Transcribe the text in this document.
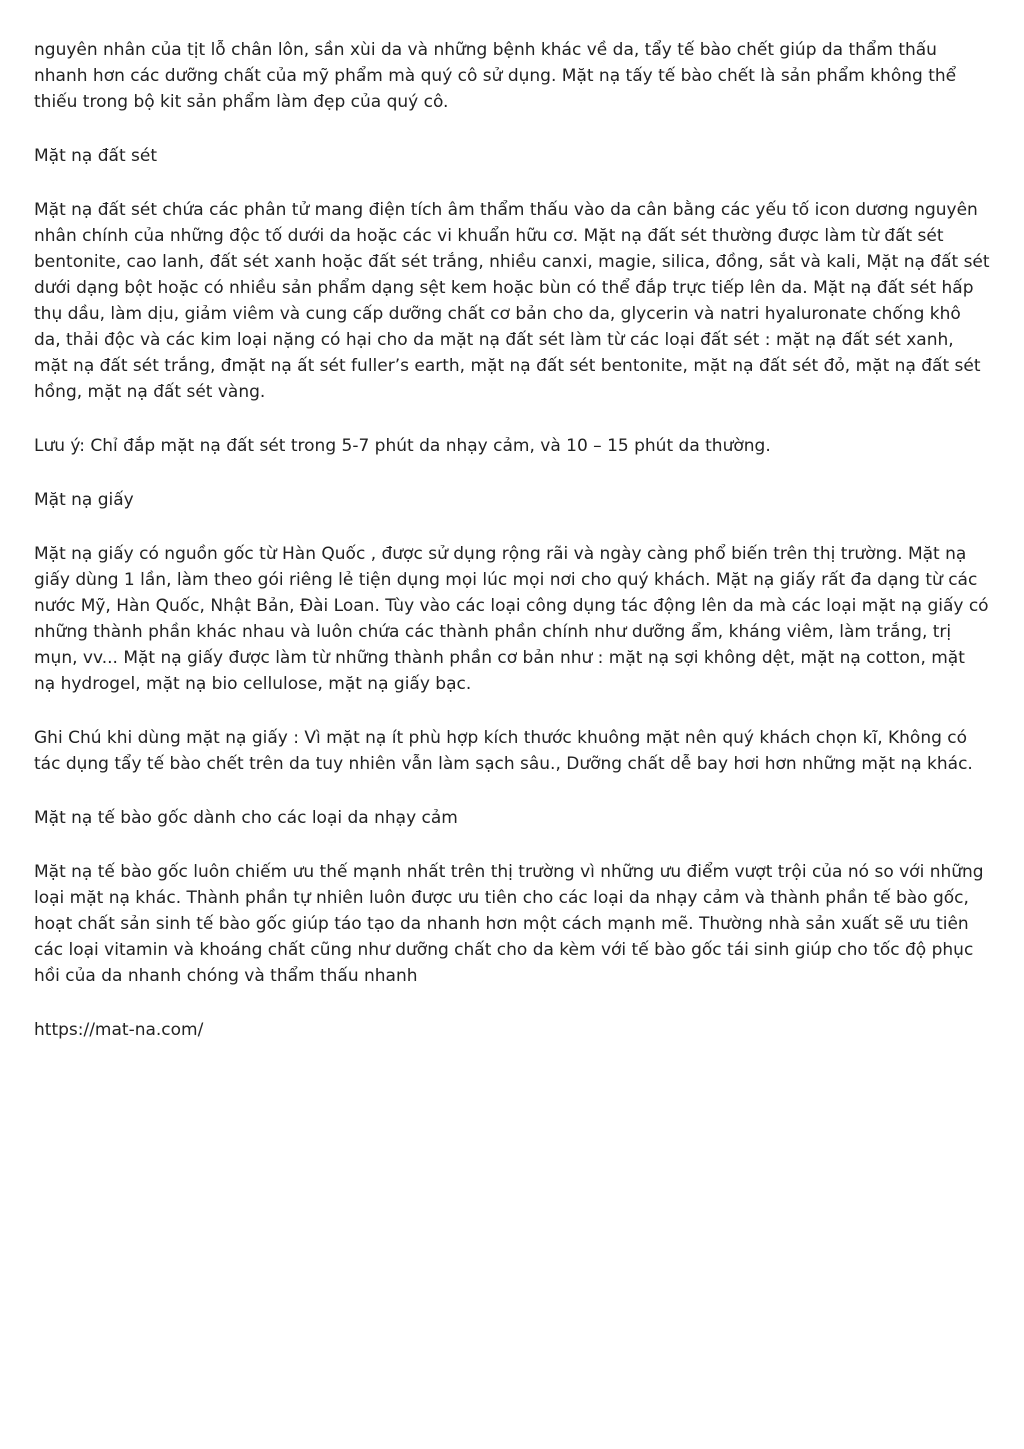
nguyên nhân của tịt lỗ chân lôn, sần xùi da và những bệnh khác về da, tẩy tế bào chết giúp da thẩm thấu nhanh hơn các dưỡng chất của mỹ phẩm mà quý cô sử dụng. Mặt nạ tấy tế bào chết là sản phẩm không thể thiếu trong bộ kit sản phẩm làm đẹp của quý cô.

Mặt nạ đất sét

Mặt nạ đất sét chứa các phân tử mang điện tích âm thẩm thấu vào da cân bằng các yếu tố icon dương nguyên nhân chính của những độc tố dưới da hoặc các vi khuẩn hữu cơ. Mặt nạ đất sét thường được làm từ đất sét bentonite, cao lanh, đất sét xanh hoặc đất sét trắng, nhiều canxi, magie, silica, đồng, sắt và kali, Mặt nạ đất sét dưới dạng bột hoặc có nhiều sản phẩm dạng sệt kem hoặc bùn có thể đắp trực tiếp lên da. Mặt nạ đất sét hấp thụ dầu, làm dịu, giảm viêm và cung cấp dưỡng chất cơ bản cho da, glycerin và natri hyaluronate chống khô da, thải độc và các kim loại nặng có hại cho da mặt nạ đất sét làm từ các loại đất sét : mặt nạ đất sét xanh, mặt nạ đất sét trắng, đmặt nạ ất sét fuller’s earth, mặt nạ đất sét bentonite, mặt nạ đất sét đỏ, mặt nạ đất sét hồng, mặt nạ đất sét vàng.

Lưu ý: Chỉ đắp mặt nạ đất sét trong 5-7 phút da nhạy cảm, và 10 – 15 phút da thường.

Mặt nạ giấy

Mặt nạ giấy có nguồn gốc từ Hàn Quốc , được sử dụng rộng rãi và ngày càng phổ biến trên thị trường. Mặt nạ giấy dùng 1 lần, làm theo gói riêng lẻ tiện dụng mọi lúc mọi nơi cho quý khách. Mặt nạ giấy rất đa dạng từ các nước Mỹ, Hàn Quốc, Nhật Bản, Đài Loan. Tùy vào các loại công dụng tác động lên da mà các loại mặt nạ giấy có những thành phần khác nhau và luôn chứa các thành phần chính như dưỡng ẩm, kháng viêm, làm trắng, trị mụn, vv... Mặt nạ giấy được làm từ những thành phần cơ bản như : mặt nạ sợi không dệt, mặt nạ cotton, mặt nạ hydrogel, mặt nạ bio cellulose, mặt nạ giấy bạc.

Ghi Chú khi dùng mặt nạ giấy : Vì mặt nạ ít phù hợp kích thước khuông mặt nên quý khách chọn kĩ, Không có tác dụng tẩy tế bào chết trên da tuy nhiên vẫn làm sạch sâu., Dưỡng chất dễ bay hơi hơn những mặt nạ khác.

Mặt nạ tế bào gốc dành cho các loại da nhạy cảm

Mặt nạ tế bào gốc luôn chiếm ưu thế mạnh nhất trên thị trường vì những ưu điểm vượt trội của nó so với những loại mặt nạ khác. Thành phần tự nhiên luôn được ưu tiên cho các loại da nhạy cảm và thành phần tế bào gốc, hoạt chất sản sinh tế bào gốc giúp táo tạo da nhanh hơn một cách mạnh mẽ. Thường nhà sản xuất sẽ ưu tiên các loại vitamin và khoáng chất cũng như dưỡng chất cho da kèm với tế bào gốc tái sinh giúp cho tốc độ phục hồi của da nhanh chóng và thẩm thấu nhanh

https://mat-na.com/
